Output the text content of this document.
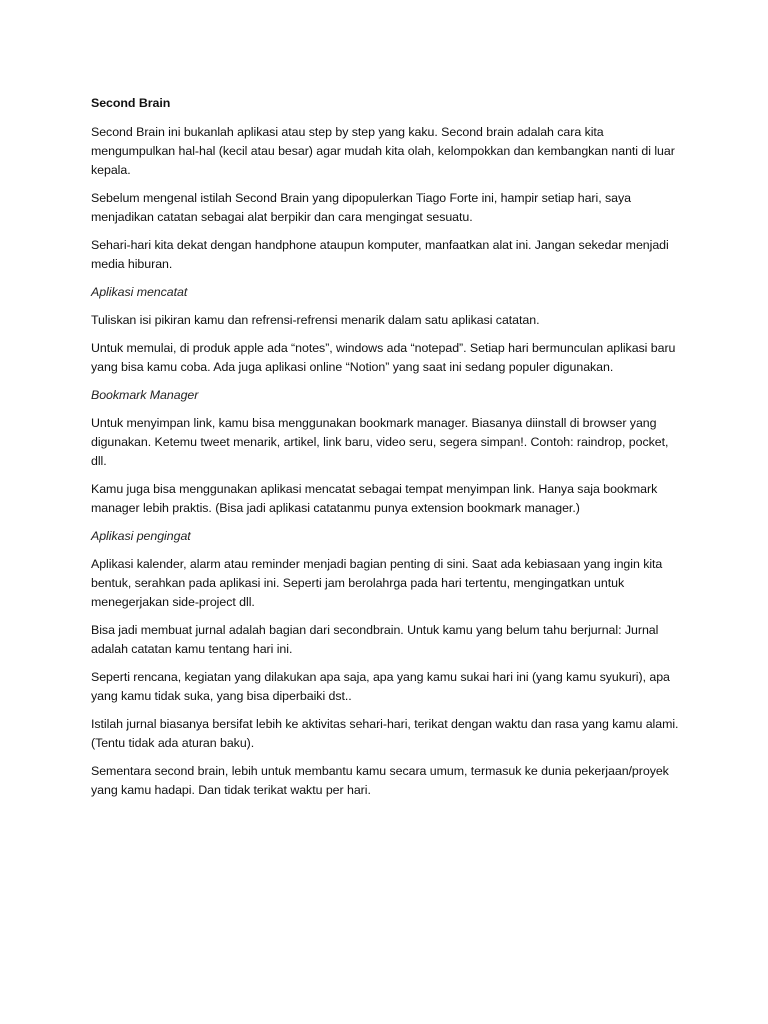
Second Brain
Second Brain ini bukanlah aplikasi atau step by step yang kaku. Second brain adalah cara kita mengumpulkan hal-hal (kecil atau besar) agar mudah kita olah, kelompokkan dan kembangkan nanti di luar kepala.
Sebelum mengenal istilah Second Brain yang dipopulerkan Tiago Forte ini, hampir setiap hari, saya menjadikan catatan sebagai alat berpikir dan cara mengingat sesuatu.
Sehari-hari kita dekat dengan handphone ataupun komputer, manfaatkan alat ini. Jangan sekedar menjadi media hiburan.
Aplikasi mencatat
Tuliskan isi pikiran kamu dan refrensi-refrensi menarik dalam satu aplikasi catatan.
Untuk memulai, di produk apple ada “notes”, windows ada “notepad”. Setiap hari bermunculan aplikasi baru yang bisa kamu coba. Ada juga aplikasi online “Notion” yang saat ini sedang populer digunakan.
Bookmark Manager
Untuk menyimpan link, kamu bisa menggunakan bookmark manager. Biasanya diinstall di browser yang digunakan. Ketemu tweet menarik, artikel, link baru, video seru, segera simpan!. Contoh: raindrop, pocket, dll.
Kamu juga bisa menggunakan aplikasi mencatat sebagai tempat menyimpan link. Hanya saja bookmark manager lebih praktis. (Bisa jadi aplikasi catatanmu punya extension bookmark manager.)
Aplikasi pengingat
Aplikasi kalender, alarm atau reminder menjadi bagian penting di sini. Saat ada kebiasaan yang ingin kita bentuk, serahkan pada aplikasi ini. Seperti jam berolahrga pada hari tertentu, mengingatkan untuk menegerjakan side-project dll.
Bisa jadi membuat jurnal adalah bagian dari secondbrain. Untuk kamu yang belum tahu berjurnal: Jurnal adalah catatan kamu tentang hari ini.
Seperti rencana, kegiatan yang dilakukan apa saja, apa yang kamu sukai hari ini (yang kamu syukuri), apa yang kamu tidak suka, yang bisa diperbaiki dst..
Istilah jurnal biasanya bersifat lebih ke aktivitas sehari-hari, terikat dengan waktu dan rasa yang kamu alami. (Tentu tidak ada aturan baku).
Sementara second brain, lebih untuk membantu kamu secara umum, termasuk ke dunia pekerjaan/proyek yang kamu hadapi. Dan tidak terikat waktu per hari.
